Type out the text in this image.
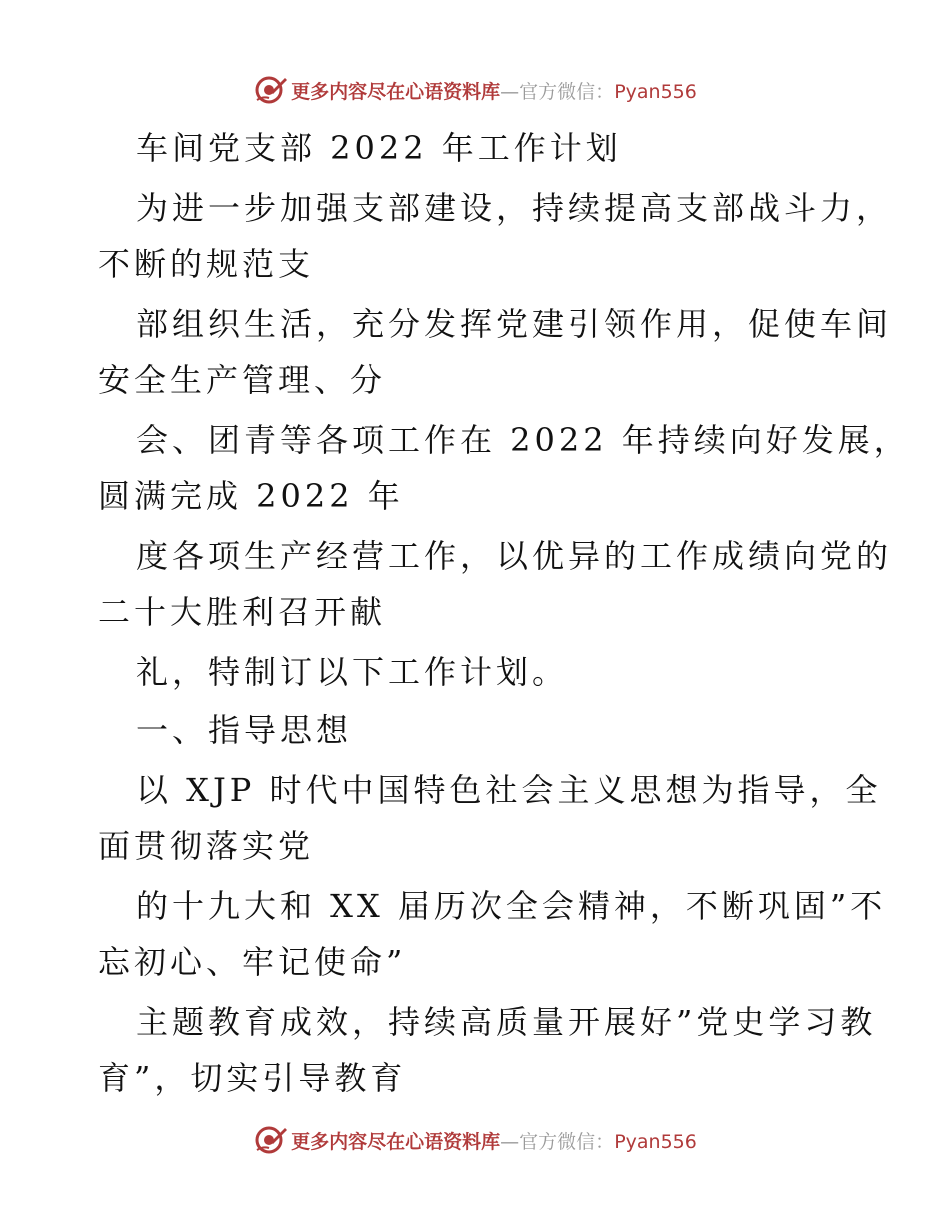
更多内容尽在心语资料库—官方微信：Pyan556
车间党支部 2022 年工作计划
为进一步加强支部建设，持续提高支部战斗力，
不断的规范支
部组织生活，充分发挥党建引领作用，促使车间
安全生产管理、分
会、团青等各项工作在 2022 年持续向好发展，
圆满完成 2022 年
度各项生产经营工作，以优异的工作成绩向党的
二十大胜利召开献
礼，特制订以下工作计划。
一、指导思想
以 XJP 时代中国特色社会主义思想为指导，全
面贯彻落实党
的十九大和 XX 届历次全会精神，不断巩固”不
忘初心、牢记使命”
主题教育成效，持续高质量开展好”党史学习教
育”，切实引导教育
更多内容尽在心语资料库—官方微信：Pyan556
